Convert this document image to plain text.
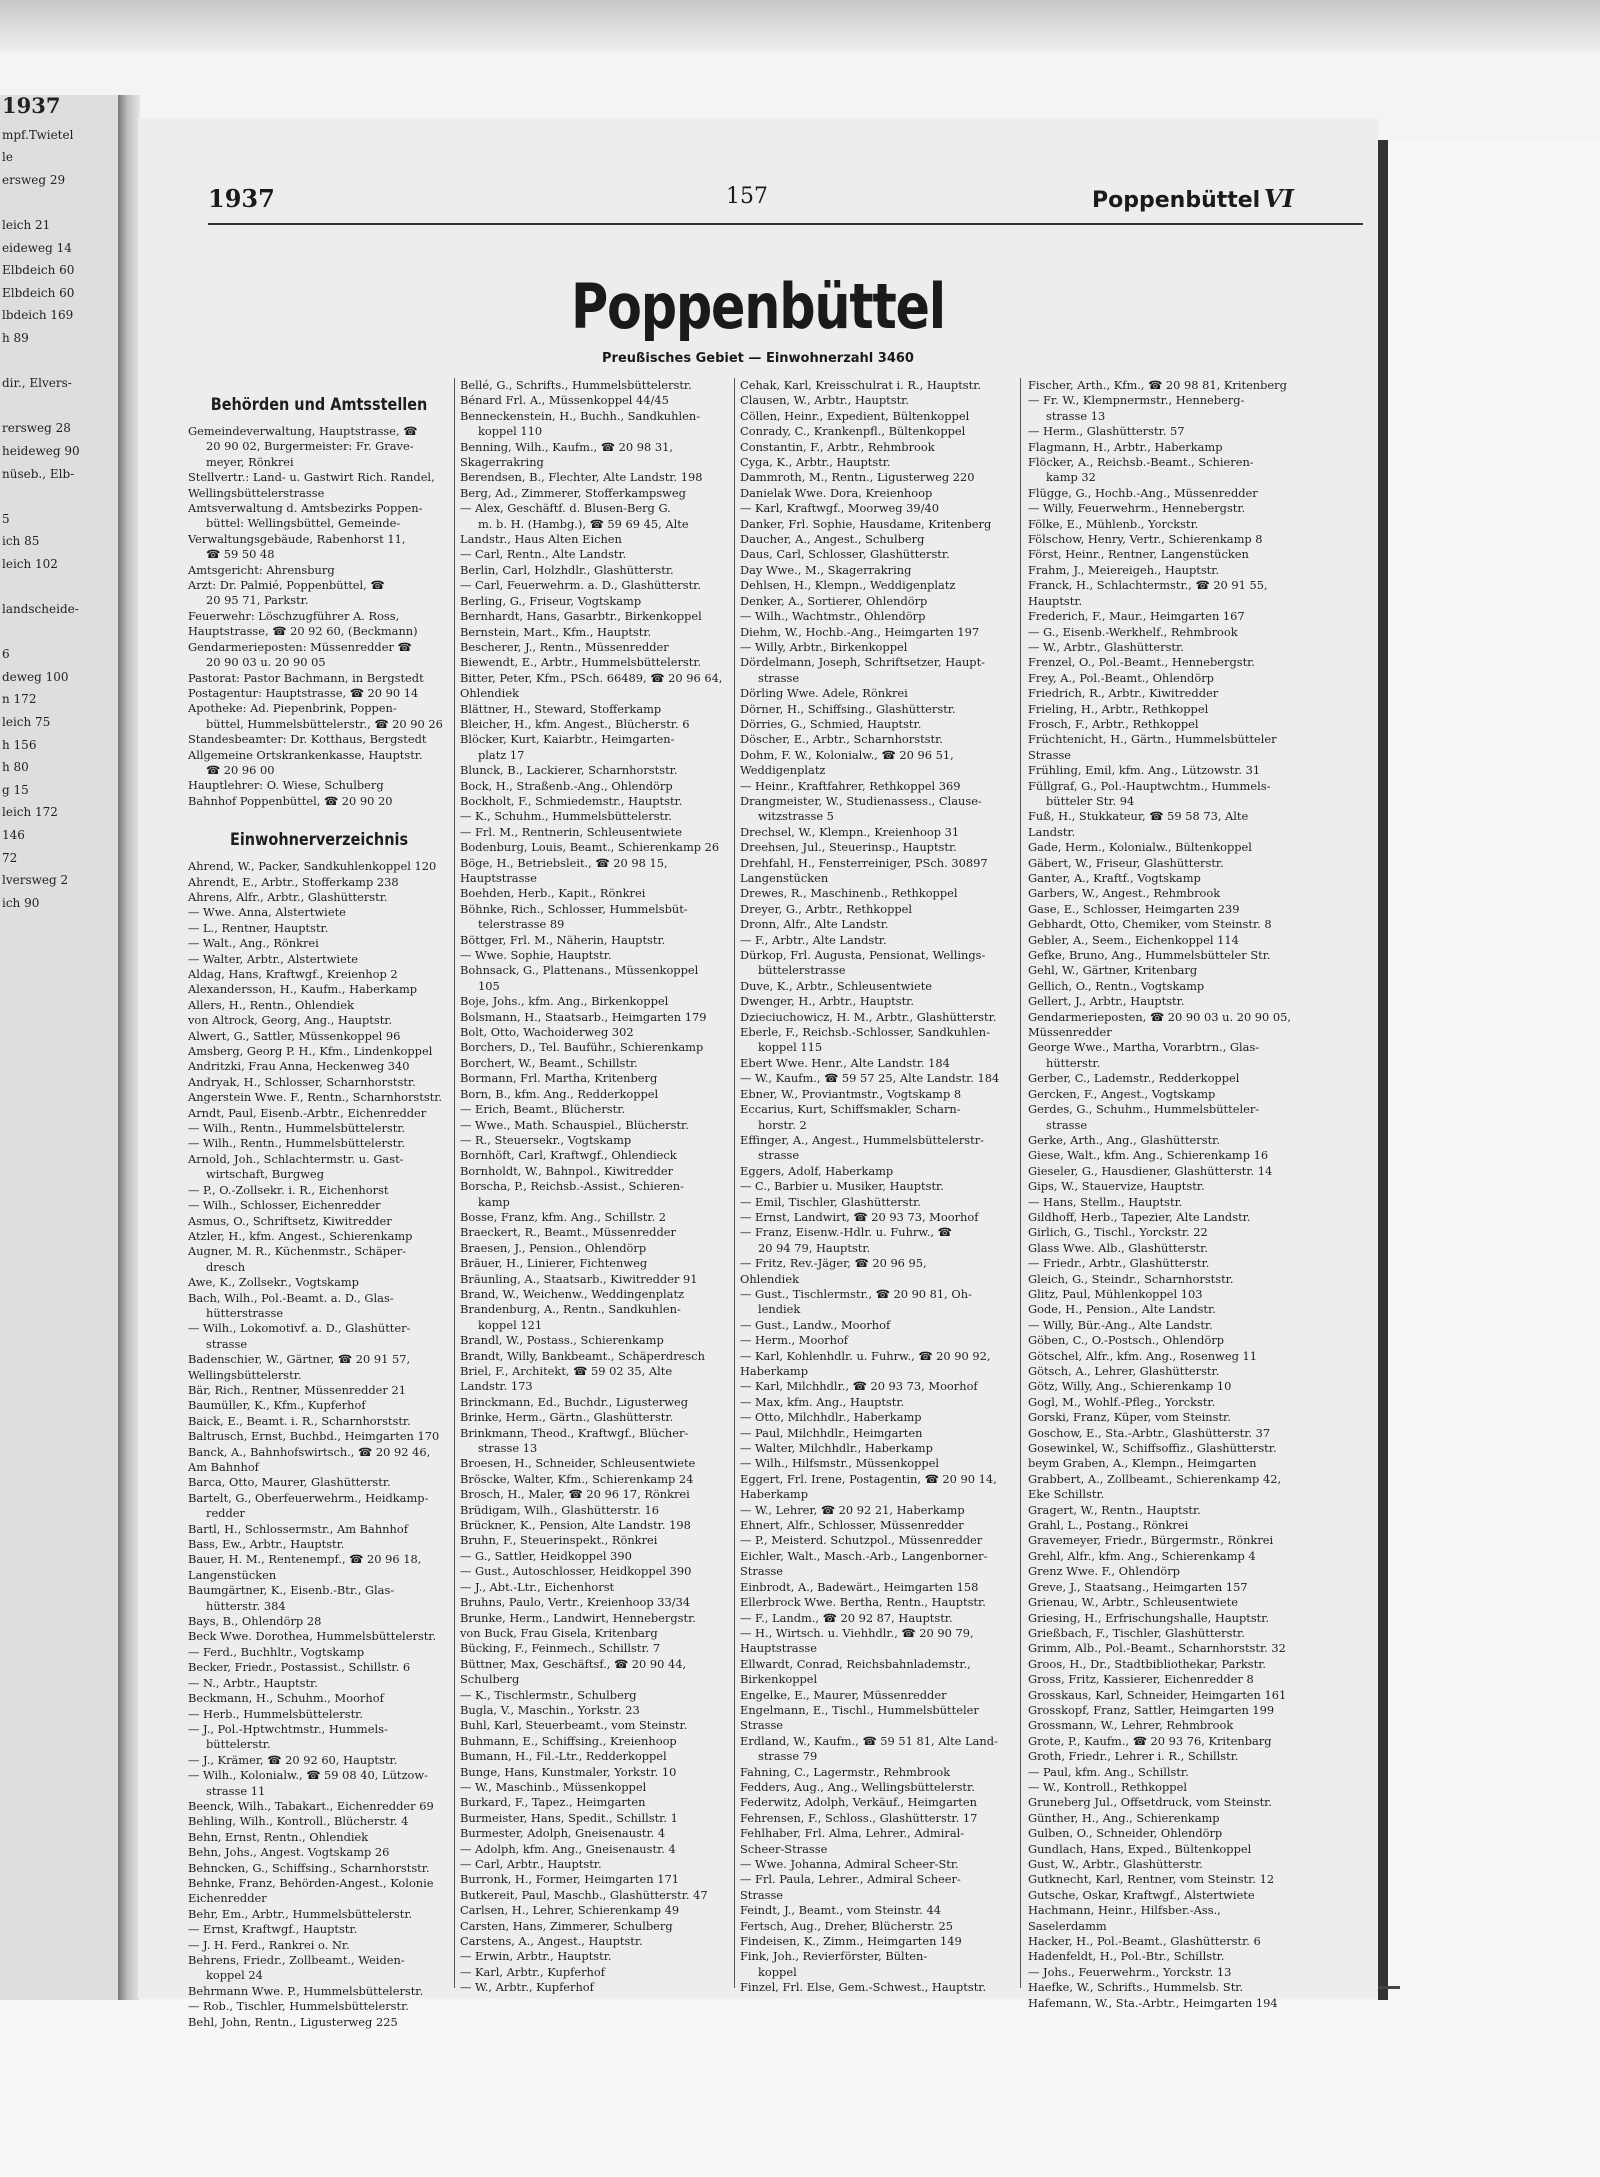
1937
mpf.Twietel
le
ersweg 29

leich 21
eideweg 14
Elbdeich 60
Elbdeich 60
lbdeich 169
h 89

dir., Elvers-

rersweg 28
heideweg 90
nüseb., Elb-

5
ich 85
leich 102

landscheide-

6
deweg 100
n 172
leich 75
h 156
h 80
g 15
leich 172
146
72
lversweg 2
ich 90
1937	157	Poppenbüttel VI
Poppenbüttel
Preußisches Gebiet — Einwohnerzahl 3460
Behörden und Amtsstellen

Gemeindeverwaltung, Hauptstrasse, ☎

20 90 02, Burgermeister: Fr. Grave-

meyer, Rönkrei

Stellvertr.: Land- u. Gastwirt Rich. Randel,

Wellingsbüttelerstrasse

Amtsverwaltung d. Amtsbezirks Poppen-

büttel: Wellingsbüttel, Gemeinde-

Verwaltungsgebäude, Rabenhorst 11,

☎ 59 50 48

Amtsgericht: Ahrensburg

Arzt: Dr. Palmié, Poppenbüttel, ☎

20 95 71, Parkstr.

Feuerwehr: Löschzugführer A. Ross,

Hauptstrasse, ☎ 20 92 60, (Beckmann)

Gendarmerieposten: Müssenredder ☎

20 90 03 u. 20 90 05

Pastorat: Pastor Bachmann, in Bergstedt

Postagentur: Hauptstrasse, ☎ 20 90 14

Apotheke: Ad. Piepenbrink, Poppen-

büttel, Hummelsbüttelerstr., ☎ 20 90 26

Standesbeamter: Dr. Kotthaus, Bergstedt

Allgemeine Ortskrankenkasse, Hauptstr.

☎ 20 96 00

Hauptlehrer: O. Wiese, Schulberg

Bahnhof Poppenbüttel, ☎ 20 90 20

Einwohnerverzeichnis

Ahrend, W., Packer, Sandkuhlenkoppel 120

Ahrendt, E., Arbtr., Stofferkamp 238

Ahrens, Alfr., Arbtr., Glashütterstr.

— Wwe. Anna, Alstertwiete

— L., Rentner, Hauptstr.

— Walt., Ang., Rönkrei

— Walter, Arbtr., Alstertwiete

Aldag, Hans, Kraftwgf., Kreienhop 2

Alexandersson, H., Kaufm., Haberkamp

Allers, H., Rentn., Ohlendiek

von Altrock, Georg, Ang., Hauptstr.

Alwert, G., Sattler, Müssenkoppel 96

Amsberg, Georg P. H., Kfm., Lindenkoppel

Andritzki, Frau Anna, Heckenweg 340

Andryak, H., Schlosser, Scharnhorststr.

Angerstein Wwe. F., Rentn., Scharnhorststr.

Arndt, Paul, Eisenb.-Arbtr., Eichenredder

— Wilh., Rentn., Hummelsbüttelerstr.

— Wilh., Rentn., Hummelsbüttelerstr.

Arnold, Joh., Schlachtermstr. u. Gast-

wirtschaft, Burgweg

— P., O.-Zollsekr. i. R., Eichenhorst

— Wilh., Schlosser, Eichenredder

Asmus, O., Schriftsetz, Kiwitredder

Atzler, H., kfm. Angest., Schierenkamp

Augner, M. R., Küchenmstr., Schäper-

dresch

Awe, K., Zollsekr., Vogtskamp

Bach, Wilh., Pol.-Beamt. a. D., Glas-

hütterstrasse

— Wilh., Lokomotivf. a. D., Glashütter-

strasse

Badenschier, W., Gärtner, ☎ 20 91 57,

Wellingsbüttelerstr.

Bär, Rich., Rentner, Müssenredder 21

Baumüller, K., Kfm., Kupferhof

Baick, E., Beamt. i. R., Scharnhorststr.

Baltrusch, Ernst, Buchbd., Heimgarten 170

Banck, A., Bahnhofswirtsch., ☎ 20 92 46,

Am Bahnhof

Barca, Otto, Maurer, Glashütterstr.

Bartelt, G., Oberfeuerwehrm., Heidkamp-

redder

Bartl, H., Schlossermstr., Am Bahnhof

Bass, Ew., Arbtr., Hauptstr.

Bauer, H. M., Rentenempf., ☎ 20 96 18,

Langenstücken

Baumgärtner, K., Eisenb.-Btr., Glas-

hütterstr. 384

Bays, B., Ohlendörp 28

Beck Wwe. Dorothea, Hummelsbüttelerstr.

— Ferd., Buchhltr., Vogtskamp

Becker, Friedr., Postassist., Schillstr. 6

— N., Arbtr., Hauptstr.

Beckmann, H., Schuhm., Moorhof

— Herb., Hummelsbüttelerstr.

— J., Pol.-Hptwchtmstr., Hummels-

büttelerstr.

— J., Krämer, ☎ 20 92 60, Hauptstr.

— Wilh., Kolonialw., ☎ 59 08 40, Lützow-

strasse 11

Beenck, Wilh., Tabakart., Eichenredder 69

Behling, Wilh., Kontroll., Blücherstr. 4

Behn, Ernst, Rentn., Ohlendiek

Behn, Johs., Angest. Vogtskamp 26

Behncken, G., Schiffsing., Scharnhorststr.

Behnke, Franz, Behörden-Angest., Kolonie

Eichenredder

Behr, Em., Arbtr., Hummelsbüttelerstr.

— Ernst, Kraftwgf., Hauptstr.

— J. H. Ferd., Rankrei o. Nr.

Behrens, Friedr., Zollbeamt., Weiden-

koppel 24

Behrmann Wwe. P., Hummelsbüttelerstr.

— Rob., Tischler, Hummelsbüttelerstr.

Behl, John, Rentn., Ligusterweg 225

Bellé, G., Schrifts., Hummelsbüttelerstr.

Bénard Frl. A., Müssenkoppel 44/45

Benneckenstein, H., Buchh., Sandkuhlen-

koppel 110

Benning, Wilh., Kaufm., ☎ 20 98 31,

Skagerrakring

Berendsen, B., Flechter, Alte Landstr. 198

Berg, Ad., Zimmerer, Stofferkampsweg

— Alex, Geschäftf. d. Blusen-Berg G.

m. b. H. (Hambg.), ☎ 59 69 45, Alte

Landstr., Haus Alten Eichen

— Carl, Rentn., Alte Landstr.

Berlin, Carl, Holzhdlr., Glashütterstr.

— Carl, Feuerwehrm. a. D., Glashütterstr.

Berling, G., Friseur, Vogtskamp

Bernhardt, Hans, Gasarbtr., Birkenkoppel

Bernstein, Mart., Kfm., Hauptstr.

Bescherer, J., Rentn., Müssenredder

Biewendt, E., Arbtr., Hummelsbüttelerstr.

Bitter, Peter, Kfm., PSch. 66489, ☎ 20 96 64,

Ohlendiek

Blättner, H., Steward, Stofferkamp

Bleicher, H., kfm. Angest., Blücherstr. 6

Blöcker, Kurt, Kaiarbtr., Heimgarten-

platz 17

Blunck, B., Lackierer, Scharnhorststr.

Bock, H., Straßenb.-Ang., Ohlendörp

Bockholt, F., Schmiedemstr., Hauptstr.

— K., Schuhm., Hummelsbüttelerstr.

— Frl. M., Rentnerin, Schleusentwiete

Bodenburg, Louis, Beamt., Schierenkamp 26

Böge, H., Betriebsleit., ☎ 20 98 15,

Hauptstrasse

Boehden, Herb., Kapit., Rönkrei

Böhnke, Rich., Schlosser, Hummelsbüt-

telerstrasse 89

Böttger, Frl. M., Näherin, Hauptstr.

— Wwe. Sophie, Hauptstr.

Bohnsack, G., Plattenans., Müssenkoppel

105

Boje, Johs., kfm. Ang., Birkenkoppel

Bolsmann, H., Staatsarb., Heimgarten 179

Bolt, Otto, Wachoiderweg 302

Borchers, D., Tel. Bauführ., Schierenkamp

Borchert, W., Beamt., Schillstr.

Bormann, Frl. Martha, Kritenberg

Born, B., kfm. Ang., Redderkoppel

— Erich, Beamt., Blücherstr.

— Wwe., Math. Schauspiel., Blücherstr.

— R., Steuersekr., Vogtskamp

Bornhöft, Carl, Kraftwgf., Ohlendieck

Bornholdt, W., Bahnpol., Kiwitredder

Borscha, P., Reichsb.-Assist., Schieren-

kamp

Bosse, Franz, kfm. Ang., Schillstr. 2

Braeckert, R., Beamt., Müssenredder

Braesen, J., Pension., Ohlendörp

Bräuer, H., Linierer, Fichtenweg

Bräunling, A., Staatsarb., Kiwitredder 91

Brand, W., Weichenw., Weddingenplatz

Brandenburg, A., Rentn., Sandkuhlen-

koppel 121

Brandl, W., Postass., Schierenkamp

Brandt, Willy, Bankbeamt., Schäperdresch

Briel, F., Architekt, ☎ 59 02 35, Alte

Landstr. 173

Brinckmann, Ed., Buchdr., Ligusterweg

Brinke, Herm., Gärtn., Glashütterstr.

Brinkmann, Theod., Kraftwgf., Blücher-

strasse 13

Broesen, H., Schneider, Schleusentwiete

Bröscke, Walter, Kfm., Schierenkamp 24

Brosch, H., Maler, ☎ 20 96 17, Rönkrei

Brüdigam, Wilh., Glashütterstr. 16

Brückner, K., Pension, Alte Landstr. 198

Bruhn, F., Steuerinspekt., Rönkrei

— G., Sattler, Heidkoppel 390

— Gust., Autoschlosser, Heidkoppel 390

— J., Abt.-Ltr., Eichenhorst

Bruhns, Paulo, Vertr., Kreienhoop 33/34

Brunke, Herm., Landwirt, Hennebergstr.

von Buck, Frau Gisela, Kritenbarg

Bücking, F., Feinmech., Schillstr. 7

Büttner, Max, Geschäftsf., ☎ 20 90 44,

Schulberg

— K., Tischlermstr., Schulberg

Bugla, V., Maschin., Yorkstr. 23

Buhl, Karl, Steuerbeamt., vom Steinstr.

Buhmann, E., Schiffsing., Kreienhoop

Bumann, H., Fil.-Ltr., Redderkoppel

Bunge, Hans, Kunstmaler, Yorkstr. 10

— W., Maschinb., Müssenkoppel

Burkard, F., Tapez., Heimgarten

Burmeister, Hans, Spedit., Schillstr. 1

Burmester, Adolph, Gneisenaustr. 4

— Adolph, kfm. Ang., Gneisenaustr. 4

— Carl, Arbtr., Hauptstr.

Burronk, H., Former, Heimgarten 171

Butkereit, Paul, Maschb., Glashütterstr. 47

Carlsen, H., Lehrer, Schierenkamp 49

Carsten, Hans, Zimmerer, Schulberg

Carstens, A., Angest., Hauptstr.

— Erwin, Arbtr., Hauptstr.

— Karl, Arbtr., Kupferhof

— W., Arbtr., Kupferhof

Cehak, Karl, Kreisschulrat i. R., Hauptstr.

Clausen, W., Arbtr., Hauptstr.

Cöllen, Heinr., Expedient, Bültenkoppel

Conrady, C., Krankenpfl., Bültenkoppel

Constantin, F., Arbtr., Rehmbrook

Cyga, K., Arbtr., Hauptstr.

Dammroth, M., Rentn., Ligusterweg 220

Danielak Wwe. Dora, Kreienhoop

— Karl, Kraftwgf., Moorweg 39/40

Danker, Frl. Sophie, Hausdame, Kritenberg

Daucher, A., Angest., Schulberg

Daus, Carl, Schlosser, Glashütterstr.

Day Wwe., M., Skagerrakring

Dehlsen, H., Klempn., Weddigenplatz

Denker, A., Sortierer, Ohlendörp

— Wilh., Wachtmstr., Ohlendörp

Diehm, W., Hochb.-Ang., Heimgarten 197

— Willy, Arbtr., Birkenkoppel

Dördelmann, Joseph, Schriftsetzer, Haupt-

strasse

Dörling Wwe. Adele, Rönkrei

Dörner, H., Schiffsing., Glashütterstr.

Dörries, G., Schmied, Hauptstr.

Döscher, E., Arbtr., Scharnhorststr.

Dohm, F. W., Kolonialw., ☎ 20 96 51,

Weddigenplatz

— Heinr., Kraftfahrer, Rethkoppel 369

Drangmeister, W., Studienassess., Clause-

witzstrasse 5

Drechsel, W., Klempn., Kreienhoop 31

Dreehsen, Jul., Steuerinsp., Hauptstr.

Drehfahl, H., Fensterreiniger, PSch. 30897

Langenstücken

Drewes, R., Maschinenb., Rethkoppel

Dreyer, G., Arbtr., Rethkoppel

Dronn, Alfr., Alte Landstr.

— F., Arbtr., Alte Landstr.

Dürkop, Frl. Augusta, Pensionat, Wellings-

büttelerstrasse

Duve, K., Arbtr., Schleusentwiete

Dwenger, H., Arbtr., Hauptstr.

Dzieciuchowicz, H. M., Arbtr., Glashütterstr.

Eberle, F., Reichsb.-Schlosser, Sandkuhlen-

koppel 115

Ebert Wwe. Henr., Alte Landstr. 184

— W., Kaufm., ☎ 59 57 25, Alte Landstr. 184

Ebner, W., Proviantmstr., Vogtskamp 8

Eccarius, Kurt, Schiffsmakler, Scharn-

horstr. 2

Effinger, A., Angest., Hummelsbüttelerstr-

strasse

Eggers, Adolf, Haberkamp

— C., Barbier u. Musiker, Hauptstr.

— Emil, Tischler, Glashütterstr.

— Ernst, Landwirt, ☎ 20 93 73, Moorhof

— Franz, Eisenw.-Hdlr. u. Fuhrw., ☎

20 94 79, Hauptstr.

— Fritz, Rev.-Jäger, ☎ 20 96 95,

Ohlendiek

— Gust., Tischlermstr., ☎ 20 90 81, Oh-

lendiek

— Gust., Landw., Moorhof

— Herm., Moorhof

— Karl, Kohlenhdlr. u. Fuhrw., ☎ 20 90 92,

Haberkamp

— Karl, Milchhdlr., ☎ 20 93 73, Moorhof

— Max, kfm. Ang., Hauptstr.

— Otto, Milchhdlr., Haberkamp

— Paul, Milchhdlr., Heimgarten

— Walter, Milchhdlr., Haberkamp

— Wilh., Hilfsmstr., Müssenkoppel

Eggert, Frl. Irene, Postagentin, ☎ 20 90 14,

Haberkamp

— W., Lehrer, ☎ 20 92 21, Haberkamp

Ehnert, Alfr., Schlosser, Müssenredder

— P., Meisterd. Schutzpol., Müssenredder

Eichler, Walt., Masch.-Arb., Langenborner-

Strasse

Einbrodt, A., Badewärt., Heimgarten 158

Ellerbrock Wwe. Bertha, Rentn., Hauptstr.

— F., Landm., ☎ 20 92 87, Hauptstr.

— H., Wirtsch. u. Viehhdlr., ☎ 20 90 79,

Hauptstrasse

Ellwardt, Conrad, Reichsbahnlademstr.,

Birkenkoppel

Engelke, E., Maurer, Müssenredder

Engelmann, E., Tischl., Hummelsbütteler

Strasse

Erdland, W., Kaufm., ☎ 59 51 81, Alte Land-

strasse 79

Fahning, C., Lagermstr., Rehmbrook

Fedders, Aug., Ang., Wellingsbüttelerstr.

Federwitz, Adolph, Verkäuf., Heimgarten

Fehrensen, F., Schloss., Glashütterstr. 17

Fehlhaber, Frl. Alma, Lehrer., Admiral-

Scheer-Strasse

— Wwe. Johanna, Admiral Scheer-Str.

— Frl. Paula, Lehrer., Admiral Scheer-

Strasse

Feindt, J., Beamt., vom Steinstr. 44

Fertsch, Aug., Dreher, Blücherstr. 25

Findeisen, K., Zimm., Heimgarten 149

Fink, Joh., Revierförster, Bülten-

koppel

Finzel, Frl. Else, Gem.-Schwest., Hauptstr.

Fischer, Arth., Kfm., ☎ 20 98 81, Kritenberg

— Fr. W., Klempnermstr., Henneberg-

strasse 13

— Herm., Glashütterstr. 57

Flagmann, H., Arbtr., Haberkamp

Flöcker, A., Reichsb.-Beamt., Schieren-

kamp 32

Flügge, G., Hochb.-Ang., Müssenredder

— Willy, Feuerwehrm., Hennebergstr.

Fölke, E., Mühlenb., Yorckstr.

Fölschow, Henry, Vertr., Schierenkamp 8

Först, Heinr., Rentner, Langenstücken

Frahm, J., Meiereigeh., Hauptstr.

Franck, H., Schlachtermstr., ☎ 20 91 55,

Hauptstr.

Frederich, F., Maur., Heimgarten 167

— G., Eisenb.-Werkhelf., Rehmbrook

— W., Arbtr., Glashütterstr.

Frenzel, O., Pol.-Beamt., Hennebergstr.

Frey, A., Pol.-Beamt., Ohlendörp

Friedrich, R., Arbtr., Kiwitredder

Frieling, H., Arbtr., Rethkoppel

Frosch, F., Arbtr., Rethkoppel

Früchtenicht, H., Gärtn., Hummelsbütteler

Strasse

Frühling, Emil, kfm. Ang., Lützowstr. 31

Füllgraf, G., Pol.-Hauptwchtm., Hummels-

bütteler Str. 94

Fuß, H., Stukkateur, ☎ 59 58 73, Alte

Landstr.

Gade, Herm., Kolonialw., Bültenkoppel

Gäbert, W., Friseur, Glashütterstr.

Ganter, A., Kraftf., Vogtskamp

Garbers, W., Angest., Rehmbrook

Gase, E., Schlosser, Heimgarten 239

Gebhardt, Otto, Chemiker, vom Steinstr. 8

Gebler, A., Seem., Eichenkoppel 114

Gefke, Bruno, Ang., Hummelsbütteler Str.

Gehl, W., Gärtner, Kritenbarg

Gellich, O., Rentn., Vogtskamp

Gellert, J., Arbtr., Hauptstr.

Gendarmerieposten, ☎ 20 90 03 u. 20 90 05,

Müssenredder

George Wwe., Martha, Vorarbtrn., Glas-

hütterstr.

Gerber, C., Lademstr., Redderkoppel

Gercken, F., Angest., Vogtskamp

Gerdes, G., Schuhm., Hummelsbütteler-

strasse

Gerke, Arth., Ang., Glashütterstr.

Giese, Walt., kfm. Ang., Schierenkamp 16

Gieseler, G., Hausdiener, Glashütterstr. 14

Gips, W., Stauervize, Hauptstr.

— Hans, Stellm., Hauptstr.

Gildhoff, Herb., Tapezier, Alte Landstr.

Girlich, G., Tischl., Yorckstr. 22

Glass Wwe. Alb., Glashütterstr.

— Friedr., Arbtr., Glashütterstr.

Gleich, G., Steindr., Scharnhorststr.

Glitz, Paul, Mühlenkoppel 103

Gode, H., Pension., Alte Landstr.

— Willy, Bür.-Ang., Alte Landstr.

Göben, C., O.-Postsch., Ohlendörp

Götschel, Alfr., kfm. Ang., Rosenweg 11

Götsch, A., Lehrer, Glashütterstr.

Götz, Willy, Ang., Schierenkamp 10

Gogl, M., Wohlf.-Pfleg., Yorckstr.

Gorski, Franz, Küper, vom Steinstr.

Goschow, E., Sta.-Arbtr., Glashütterstr. 37

Gosewinkel, W., Schiffsoffiz., Glashütterstr.

beym Graben, A., Klempn., Heimgarten

Grabbert, A., Zollbeamt., Schierenkamp 42,

Eke Schillstr.

Gragert, W., Rentn., Hauptstr.

Grahl, L., Postang., Rönkrei

Gravemeyer, Friedr., Bürgermstr., Rönkrei

Grehl, Alfr., kfm. Ang., Schierenkamp 4

Grenz Wwe. F., Ohlendörp

Greve, J., Staatsang., Heimgarten 157

Grienau, W., Arbtr., Schleusentwiete

Griesing, H., Erfrischungshalle, Hauptstr.

Grießbach, F., Tischler, Glashütterstr.

Grimm, Alb., Pol.-Beamt., Scharnhorststr. 32

Groos, H., Dr., Stadtbibliothekar, Parkstr.

Gross, Fritz, Kassierer, Eichenredder 8

Grosskaus, Karl, Schneider, Heimgarten 161

Grosskopf, Franz, Sattler, Heimgarten 199

Grossmann, W., Lehrer, Rehmbrook

Grote, P., Kaufm., ☎ 20 93 76, Kritenbarg

Groth, Friedr., Lehrer i. R., Schillstr.

— Paul, kfm. Ang., Schillstr.

— W., Kontroll., Rethkoppel

Gruneberg Jul., Offsetdruck, vom Steinstr.

Günther, H., Ang., Schierenkamp

Gulben, O., Schneider, Ohlendörp

Gundlach, Hans, Exped., Bültenkoppel

Gust, W., Arbtr., Glashütterstr.

Gutknecht, Karl, Rentner, vom Steinstr. 12

Gutsche, Oskar, Kraftwgf., Alstertwiete

Hachmann, Heinr., Hilfsber.-Ass.,

Saselerdamm

Hacker, H., Pol.-Beamt., Glashütterstr. 6

Hadenfeldt, H., Pol.-Btr., Schillstr.

— Johs., Feuerwehrm., Yorckstr. 13

Haefke, W., Schrifts., Hummelsb. Str.

Hafemann, W., Sta.-Arbtr., Heimgarten 194
